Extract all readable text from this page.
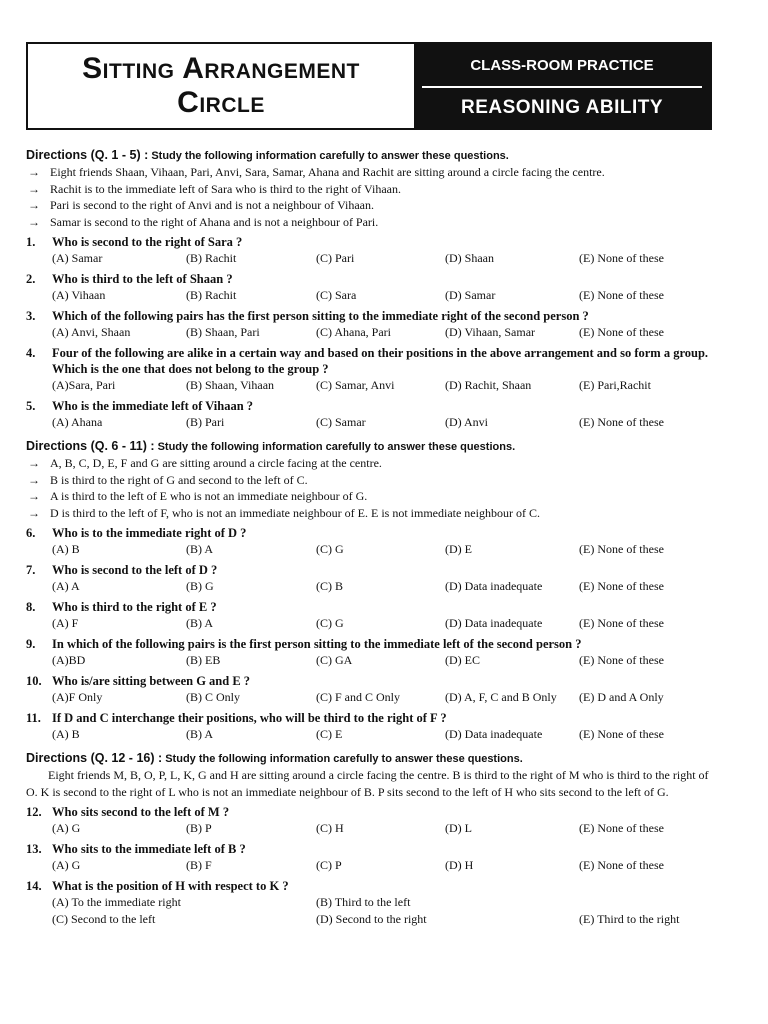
Sitting Arrangement
Circle
CLASS-ROOM PRACTICE
REASONING ABILITY
Directions (Q. 1 - 5) : Study the following information carefully to answer these questions.
→ Eight friends Shaan, Vihaan, Pari, Anvi, Sara, Samar, Ahana and Rachit are sitting around a circle facing the centre.
→ Rachit is to the immediate left of Sara who is third to the right of Vihaan.
→ Pari is second to the right of Anvi and is not a neighbour of Vihaan.
→ Samar is second to the right of Ahana and is not a neighbour of Pari.
1.	Who is second to the right of Sara ?
(A) Samar	(B) Rachit	(C) Pari	(D) Shaan	(E) None of these
2.	Who is third to the left of Shaan ?
(A) Vihaan	(B) Rachit	(C) Sara	(D) Samar	(E) None of these
3.	Which of the following pairs has the first person sitting to the immediate right of the second person ?
(A) Anvi, Shaan	(B) Shaan, Pari	(C) Ahana, Pari	(D) Vihaan, Samar	(E) None of these
4.	Four of the following are alike in a certain way and based on their positions in the above arrangement and so form a group. Which is the one that does not belong to the group ?
(A)Sara, Pari	(B) Shaan, Vihaan	(C) Samar, Anvi	(D) Rachit, Shaan	(E) Pari,Rachit
5.	Who is the immediate left of Vihaan ?
(A) Ahana	(B) Pari	(C) Samar	(D) Anvi	(E) None of these
Directions (Q. 6 - 11) : Study the following information carefully to answer these questions.
→ A, B, C, D, E, F and G are sitting around a circle facing at the centre.
→ B is third to the right of G and second to the left of C.
→ A is third to the left of E who is not an immediate neighbour of G.
→ D is third to the left of F, who is not an immediate neighbour of E. E is not immediate neighbour of C.
6.	Who is to the immediate right of D ?
(A) B	(B) A	(C) G	(D) E	(E) None of these
7.	Who is second to the left of D ?
(A) A	(B) G	(C) B	(D) Data inadequate	(E) None of these
8.	Who is third to the right of E ?
(A) F	(B) A	(C) G	(D) Data inadequate	(E) None of these
9.	In which of the following pairs is the first person sitting to the immediate left of the second person ?
(A)BD	(B) EB	(C) GA	(D) EC	(E) None of these
10. Who is/are sitting between G and E ?
(A)F Only	(B) C Only	(C) F and C Only	(D) A, F, C and B Only (E) D and A Only
11. If D and C interchange their positions, who will be third to the right of F ?
(A) B	(B) A	(C) E	(D) Data inadequate	(E) None of these
Directions (Q. 12 - 16) : Study the following information carefully to answer these questions.

Eight friends M, B, O, P, L, K, G and H are sitting around a circle facing the centre. B is third to the right of M who is third to the right of O. K is second to the right of L who is not an immediate neighbour of B. P sits second to the left of H who sits second to the left of G.

12. Who sits second to the left of M ?
(A) G	(B) P	(C) H	(D) L	(E) None of these
13. Who sits to the immediate left of B ?
(A) G	(B) F	(C) P	(D) H	(E) None of these
14. What is the position of H with respect to K ?
(A) To the immediate right	(B) Third to the left
(C) Second to the left	(D) Second to the right	(E) Third to the right
